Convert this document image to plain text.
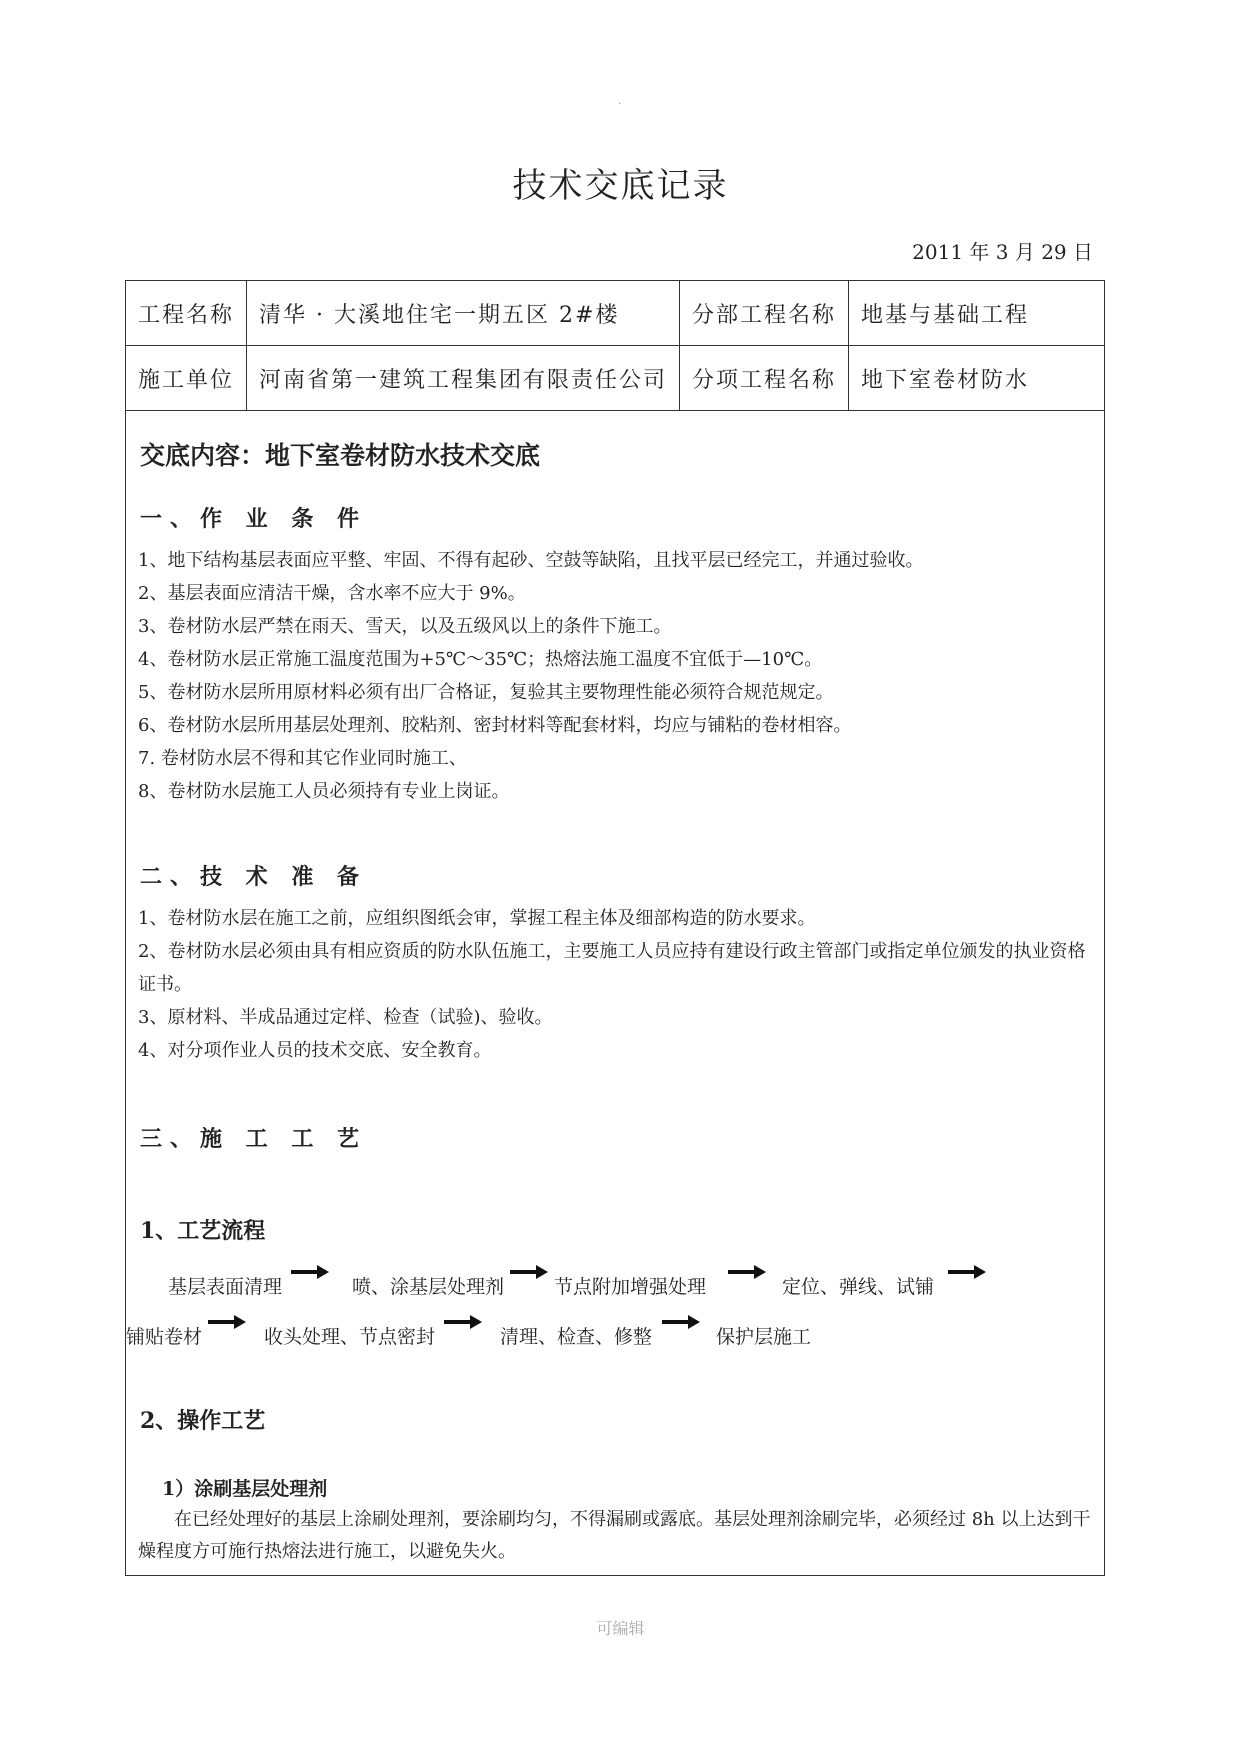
.
技术交底记录
2011 年 3 月 29 日
工程名称	清华 · 大溪地住宅一期五区 2#楼	分部工程名称	地基与基础工程
施工单位	河南省第一建筑工程集团有限责任公司	分项工程名称	地下室卷材防水
交底内容：地下室卷材防水技术交底
一、作 业 条 件
1、地下结构基层表面应平整、牢固、不得有起砂、空鼓等缺陷，且找平层已经完工，并通过验收。
2、基层表面应清洁干燥，含水率不应大于 9%。
3、卷材防水层严禁在雨天、雪天，以及五级风以上的条件下施工。
4、卷材防水层正常施工温度范围为+5℃～35℃；热熔法施工温度不宜低于—10℃。
5、卷材防水层所用原材料必须有出厂合格证，复验其主要物理性能必须符合规范规定。
6、卷材防水层所用基层处理剂、胶粘剂、密封材料等配套材料，均应与铺粘的卷材相容。
7. 卷材防水层不得和其它作业同时施工、
8、卷材防水层施工人员必须持有专业上岗证。
二、技 术 准 备
1、卷材防水层在施工之前，应组织图纸会审，掌握工程主体及细部构造的防水要求。
2、卷材防水层必须由具有相应资质的防水队伍施工，主要施工人员应持有建设行政主管部门或指定单位颁发的执业资格证书。
3、原材料、半成品通过定样、检查（试验)、验收。
4、对分项作业人员的技术交底、安全教育。
三、施 工 工 艺
1、工艺流程
基层表面清理	喷、涂基层处理剂	节点附加增强处理	定位、弹线、试铺
铺贴卷材	收头处理、节点密封	清理、检查、修整	保护层施工
2、操作工艺
1）涂刷基层处理剂
在已经处理好的基层上涂刷处理剂，要涂刷均匀，不得漏刷或露底。基层处理剂涂刷完毕，必须经过 8h 以上达到干燥程度方可施行热熔法进行施工，以避免失火。
可编辑
